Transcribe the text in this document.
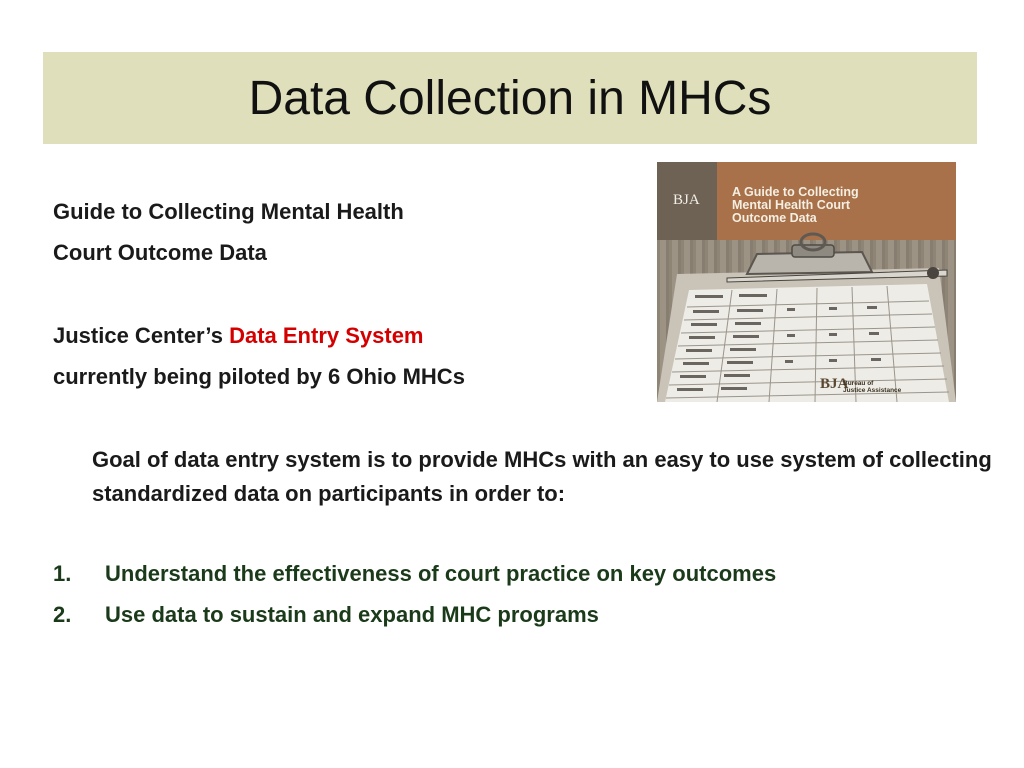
Data Collection in MHCs
Guide to Collecting Mental Health
Court Outcome Data
Justice Center’s Data Entry System
currently being piloted by 6 Ohio MHCs
Goal of data entry system is to provide MHCs with an easy to use system of collecting standardized data on participants in order to:
1. Understand the effectiveness of court practice on key outcomes
2. Use data to sustain and expand MHC programs
BJA	A Guide to Collecting
Mental Health Court
Outcome Data
BJA
Bureau of
Justice Assistance
